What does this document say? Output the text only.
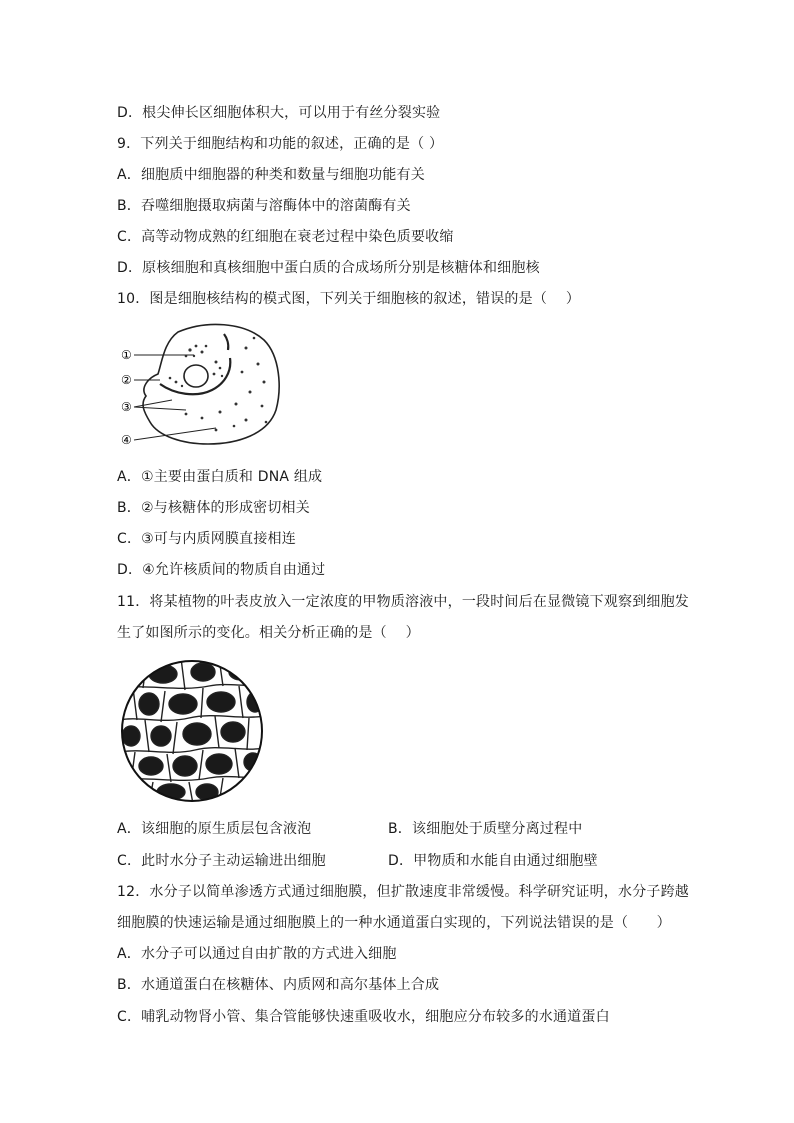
D．根尖伸长区细胞体积大，可以用于有丝分裂实验
9．下列关于细胞结构和功能的叙述，正确的是（ ）
A．细胞质中细胞器的种类和数量与细胞功能有关
B．吞噬细胞摄取病菌与溶酶体中的溶菌酶有关
C．高等动物成熟的红细胞在衰老过程中染色质要收缩
D．原核细胞和真核细胞中蛋白质的合成场所分别是核糖体和细胞核
10．图是细胞核结构的模式图，下列关于细胞核的叙述，错误的是（　 ）
①
②
③
④
A．①主要由蛋白质和 DNA 组成
B．②与核糖体的形成密切相关
C．③可与内质网膜直接相连
D．④允许核质间的物质自由通过
11．将某植物的叶表皮放入一定浓度的甲物质溶液中，一段时间后在显微镜下观察到细胞发
生了如图所示的变化。相关分析正确的是（　 ）
A．该细胞的原生质层包含液泡	B．该细胞处于质壁分离过程中
C．此时水分子主动运输进出细胞	D．甲物质和水能自由通过细胞壁
12．水分子以简单渗透方式通过细胞膜，但扩散速度非常缓慢。科学研究证明，水分子跨越
细胞膜的快速运输是通过细胞膜上的一种水通道蛋白实现的，下列说法错误的是（　　）
A．水分子可以通过自由扩散的方式进入细胞
B．水通道蛋白在核糖体、内质网和高尔基体上合成
C．哺乳动物肾小管、集合管能够快速重吸收水，细胞应分布较多的水通道蛋白
